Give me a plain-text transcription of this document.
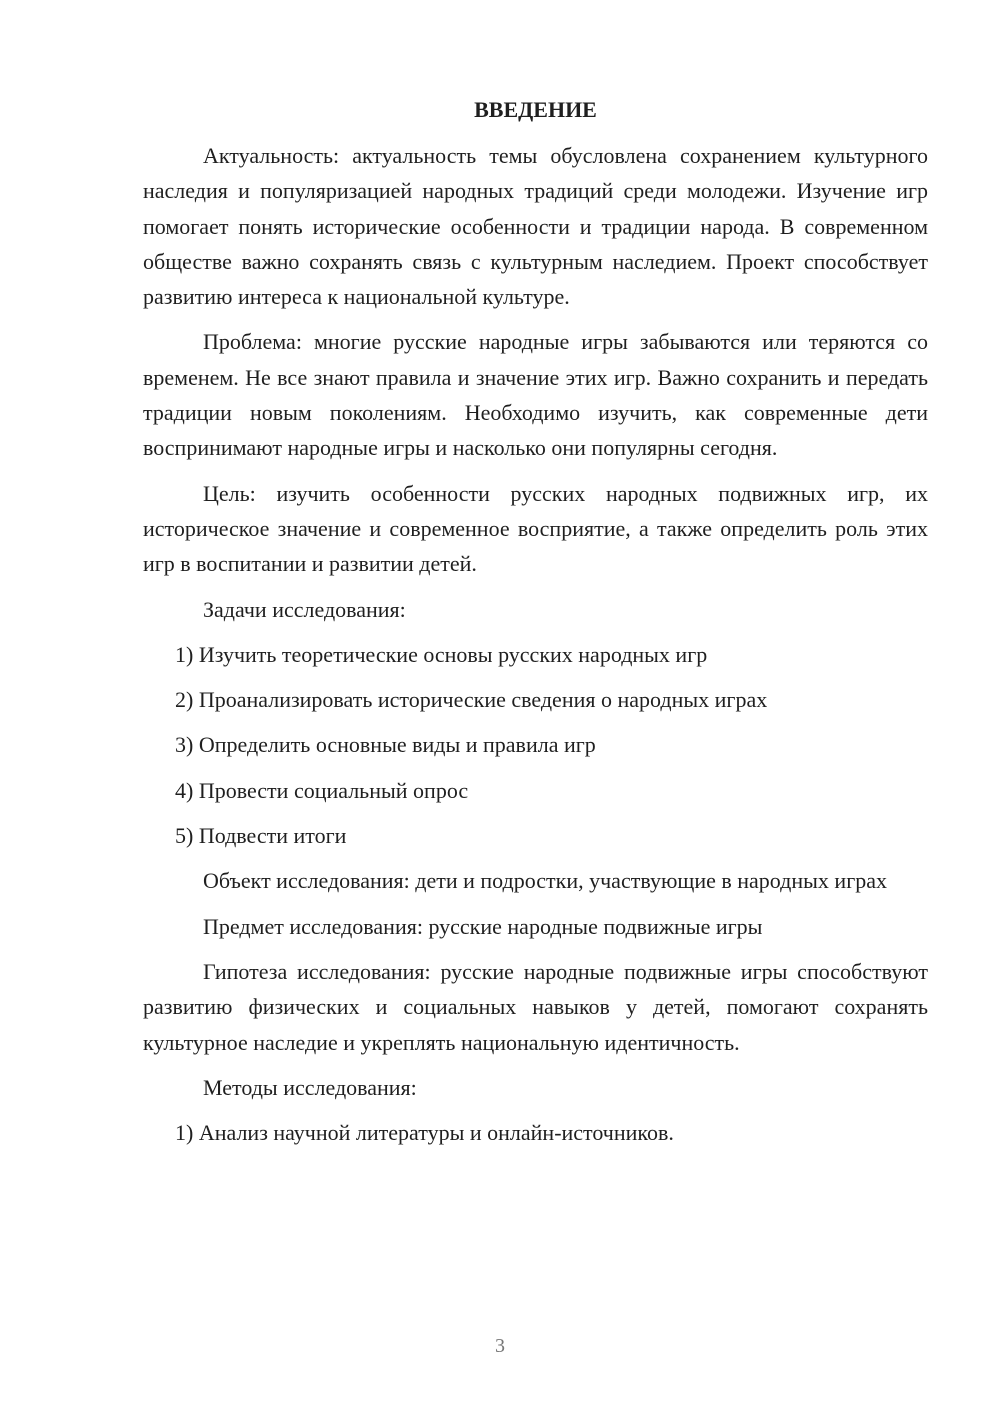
ВВЕДЕНИЕ

Актуальность: актуальность темы обусловлена сохранением культурного наследия и популяризацией народных традиций среди молодежи. Изучение игр помогает понять исторические особенности и традиции народа. В современном обществе важно сохранять связь с культурным наследием. Проект способствует развитию интереса к национальной культуре.

Проблема: многие русские народные игры забываются или теряются со временем. Не все знают правила и значение этих игр. Важно сохранить и передать традиции новым поколениям. Необходимо изучить, как современные дети воспринимают народные игры и насколько они популярны сегодня.

Цель: изучить особенности русских народных подвижных игр, их историческое значение и современное восприятие, а также определить роль этих игр в воспитании и развитии детей.

Задачи исследования:

1) Изучить теоретические основы русских народных игр

2) Проанализировать исторические сведения о народных играх

3) Определить основные виды и правила игр

4) Провести социальный опрос

5) Подвести итоги

Объект исследования: дети и подростки, участвующие в народных играх

Предмет исследования: русские народные подвижные игры

Гипотеза исследования: русские народные подвижные игры способствуют развитию физических и социальных навыков у детей, помогают сохранять культурное наследие и укреплять национальную идентичность.

Методы исследования:

1) Анализ научной литературы и онлайн-источников.

3
